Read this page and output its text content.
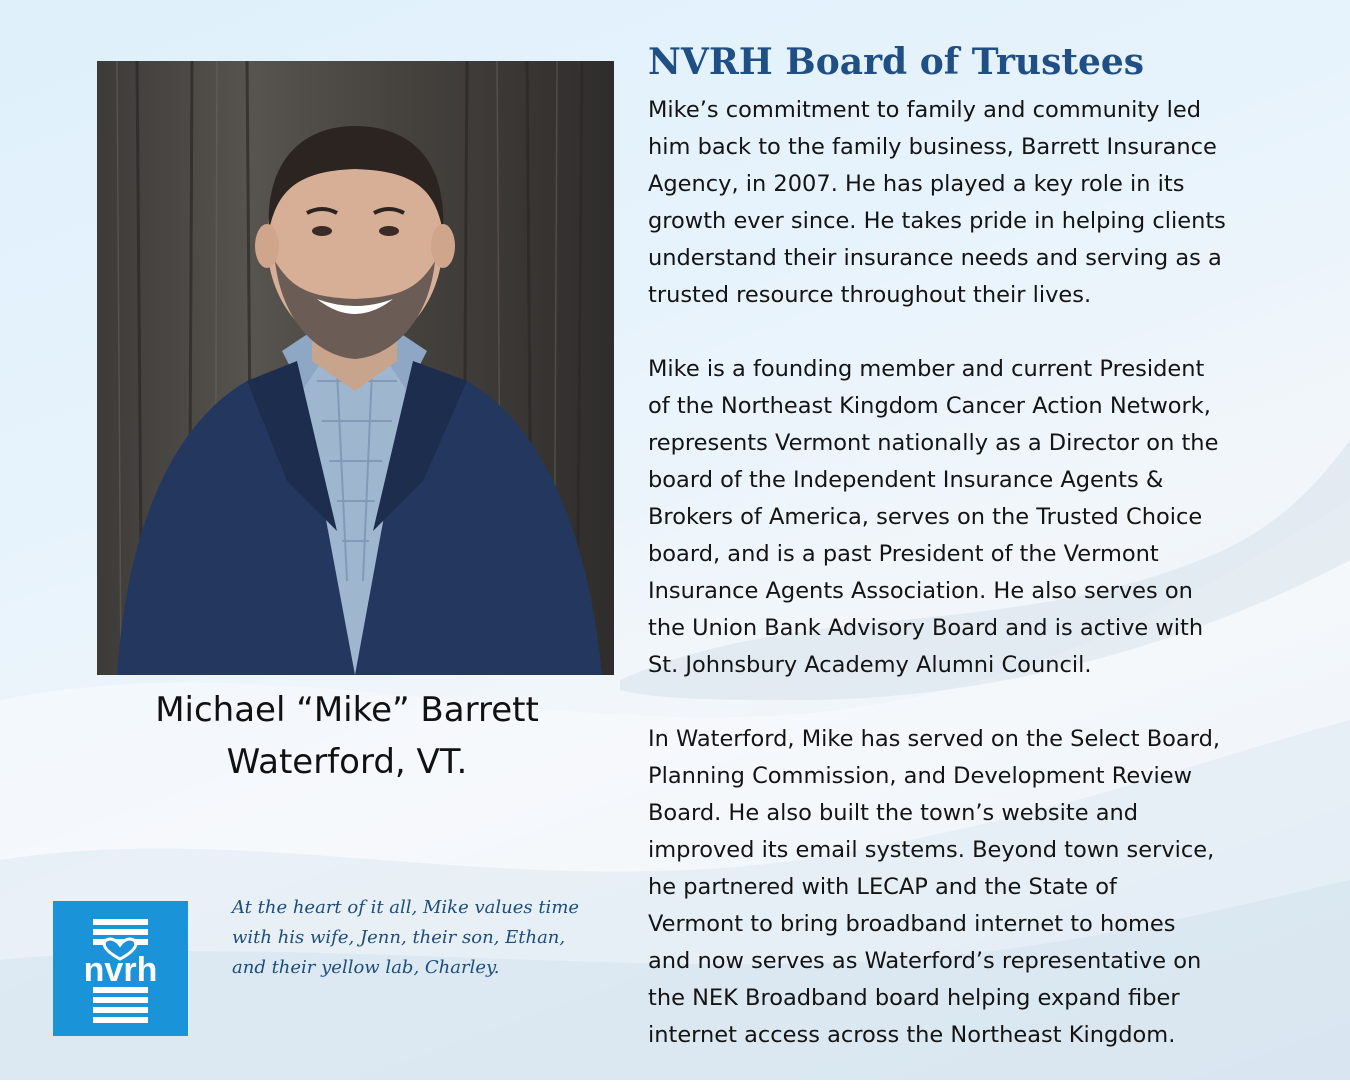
Michael “Mike” Barrett
Waterford, VT.
nvrh
At the heart of it all, Mike values time
with his wife, Jenn, their son, Ethan,
and their yellow lab, Charley.
NVRH Board of Trustees
Mike’s commitment to family and community led
him back to the family business, Barrett Insurance
Agency, in 2007. He has played a key role in its
growth ever since. He takes pride in helping clients
understand their insurance needs and serving as a
trusted resource throughout their lives.
Mike is a founding member and current President
of the Northeast Kingdom Cancer Action Network,
represents Vermont nationally as a Director on the
board of the Independent Insurance Agents &
Brokers of America, serves on the Trusted Choice
board, and is a past President of the Vermont
Insurance Agents Association. He also serves on
the Union Bank Advisory Board and is active with
St. Johnsbury Academy Alumni Council.
In Waterford, Mike has served on the Select Board,
Planning Commission, and Development Review
Board. He also built the town’s website and
improved its email systems. Beyond town service,
he partnered with LECAP and the State of
Vermont to bring broadband internet to homes
and now serves as Waterford’s representative on
the NEK Broadband board helping expand fiber
internet access across the Northeast Kingdom.
